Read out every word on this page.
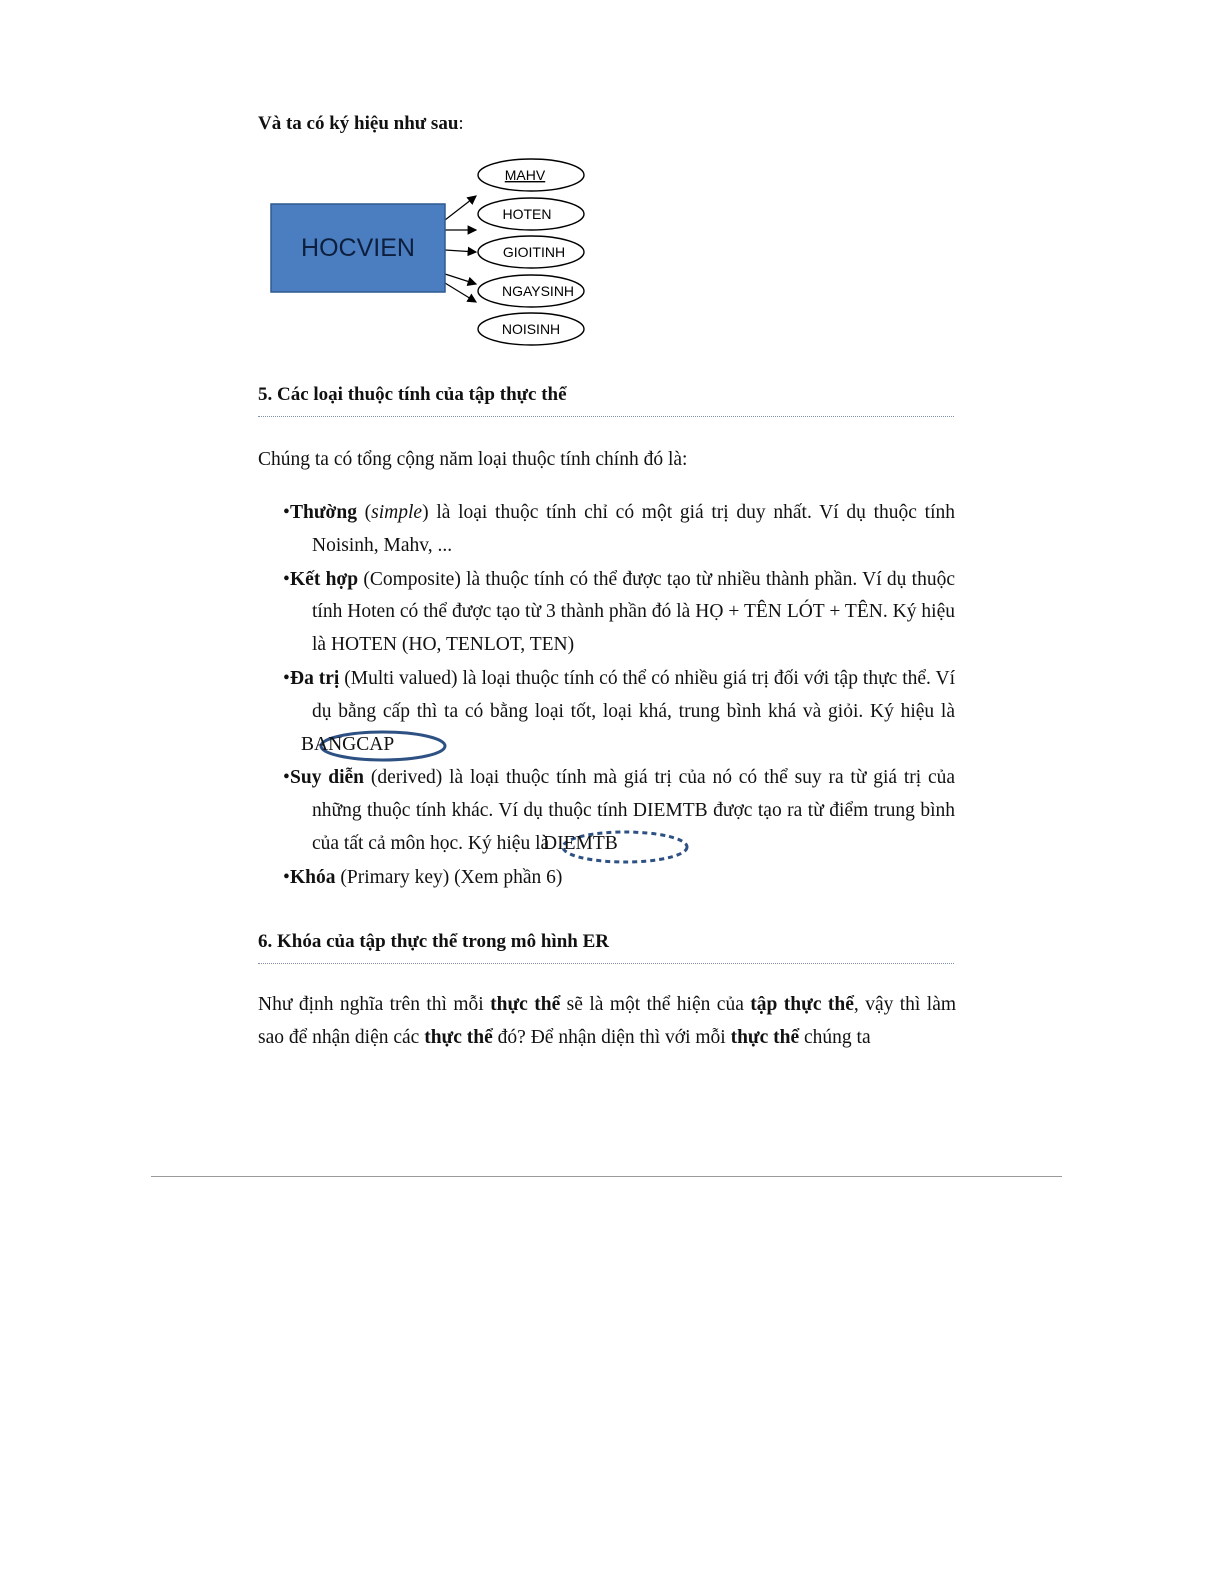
Và ta có ký hiệu như sau:
HOCVIEN
MAHV
HOTEN
GIOITINH
NGAYSINH
NOISINH
5. Các loại thuộc tính của tập thực thể
Chúng ta có tổng cộng năm loại thuộc tính chính đó là:
•Thường (simple) là loại thuộc tính chỉ có một giá trị duy nhất. Ví dụ thuộc tính Noisinh, Mahv, ...
•Kết hợp (Composite) là thuộc tính có thể được tạo từ nhiều thành phần. Ví dụ thuộc tính Hoten có thể được tạo từ 3 thành phần đó là HỌ + TÊN LÓT + TÊN. Ký hiệu là HOTEN (HO, TENLOT, TEN)
•Đa trị (Multi valued) là loại thuộc tính có thể có nhiều giá trị đối với tập thực thể. Ví dụ bằng cấp thì ta có bằng loại tốt, loại khá, trung bình khá và giỏi. Ký hiệu là
BANGCAP
•Suy diễn (derived) là loại thuộc tính mà giá trị của nó có thể suy ra từ giá trị của những thuộc tính khác. Ví dụ thuộc tính DIEMTB được tạo ra từ điểm trung bình của tất cả môn học. Ký hiệu là
DIEMTB
•Khóa (Primary key) (Xem phần 6)
6. Khóa của tập thực thể trong mô hình ER
Như định nghĩa trên thì mỗi thực thể sẽ là một thể hiện của tập thực thể, vậy thì làm sao để nhận diện các thực thể đó? Để nhận diện thì với mỗi thực thể chúng ta
